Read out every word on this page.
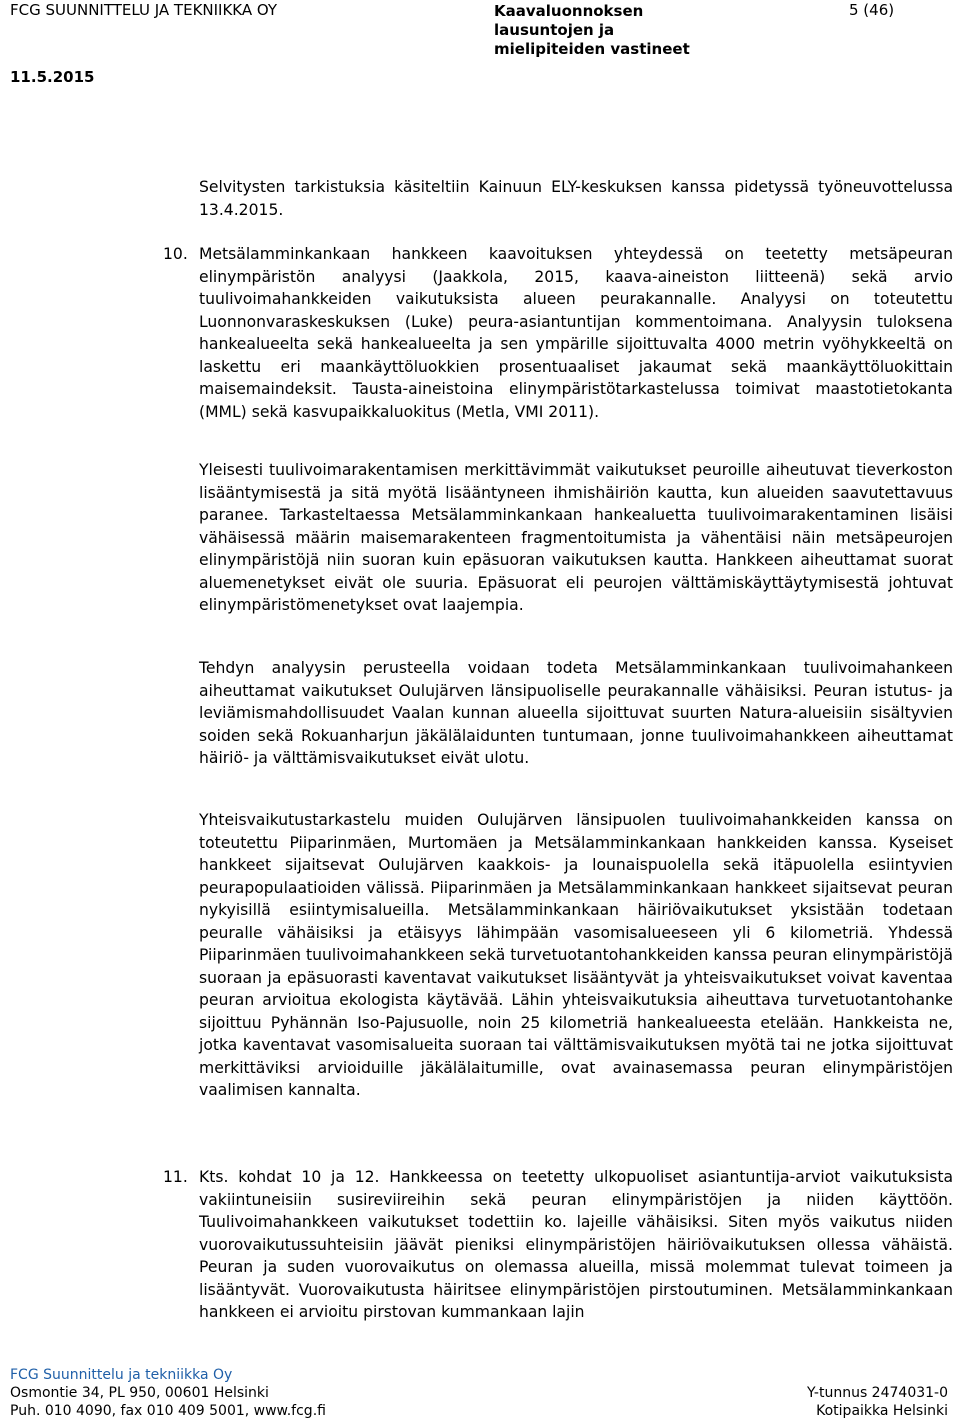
FCG SUUNNITTELU JA TEKNIIKKA OY	Kaavaluonnoksen
lausuntojen ja
mielipiteiden vastineet
5 (46)
11.5.2015
Selvitysten tarkistuksia käsiteltiin Kainuun ELY-keskuksen kanssa pidetyssä työneuvottelussa 13.4.2015.
10. Metsälamminkankaan hankkeen kaavoituksen yhteydessä on teetetty metsäpeuran elinympäristön analyysi (Jaakkola, 2015, kaava-aineiston liitteenä) sekä arvio tuulivoimahankkeiden vaikutuksista alueen peurakannalle. Analyysi on toteutettu Luonnonvaraskeskuksen (Luke) peura-asiantuntijan kommentoimana. Analyysin tuloksena hankealueelta sekä hankealueelta ja sen ympärille sijoittuvalta 4000 metrin vyöhykkeeltä on laskettu eri maankäyttöluokkien prosentuaaliset jakaumat sekä maankäyttöluokittain maisemaindeksit. Tausta-aineistoina elinympäristötarkastelussa toimivat maastotietokanta (MML) sekä kasvupaikkaluokitus (Metla, VMI 2011).
Yleisesti tuulivoimarakentamisen merkittävimmät vaikutukset peuroille aiheutuvat tieverkoston lisääntymisestä ja sitä myötä lisääntyneen ihmishäiriön kautta, kun alueiden saavutettavuus paranee. Tarkasteltaessa Metsälamminkankaan hankealuetta tuulivoimarakentaminen lisäisi vähäisessä määrin maisemarakenteen fragmentoitumista ja vähentäisi näin metsäpeurojen elinympäristöjä niin suoran kuin epäsuoran vaikutuksen kautta. Hankkeen aiheuttamat suorat aluemenetykset eivät ole suuria. Epäsuorat eli peurojen välttämiskäyttäytymisestä johtuvat elinympäristömenetykset ovat laajempia.
Tehdyn analyysin perusteella voidaan todeta Metsälamminkankaan tuulivoimahankeen aiheuttamat vaikutukset Oulujärven länsipuoliselle peurakannalle vähäisiksi. Peuran istutus- ja leviämismahdollisuudet Vaalan kunnan alueella sijoittuvat suurten Natura-alueisiin sisältyvien soiden sekä Rokuanharjun jäkälälaidunten tuntumaan, jonne tuulivoimahankkeen aiheuttamat häiriö- ja välttämisvaikutukset eivät ulotu.
Yhteisvaikutustarkastelu muiden Oulujärven länsipuolen tuulivoimahankkeiden kanssa on toteutettu Piiparinmäen, Murtomäen ja Metsälamminkankaan hankkeiden kanssa. Kyseiset hankkeet sijaitsevat Oulujärven kaakkois- ja lounaispuolella sekä itäpuolella esiintyvien peurapopulaatioiden välissä. Piiparinmäen ja Metsälamminkankaan hankkeet sijaitsevat peuran nykyisillä esiintymisalueilla. Metsälamminkankaan häiriövaikutukset yksistään todetaan peuralle vähäisiksi ja etäisyys lähimpään vasomisalueeseen yli 6 kilometriä. Yhdessä Piiparinmäen tuulivoimahankkeen sekä turvetuotantohankkeiden kanssa peuran elinympäristöjä suoraan ja epäsuorasti kaventavat vaikutukset lisääntyvät ja yhteisvaikutukset voivat kaventaa peuran arvioitua ekologista käytävää. Lähin yhteisvaikutuksia aiheuttava turvetuotantohanke sijoittuu Pyhännän Iso-Pajusuolle, noin 25 kilometriä hankealueesta etelään. Hankkeista ne, jotka kaventavat vasomisalueita suoraan tai välttämisvaikutuksen myötä tai ne jotka sijoittuvat merkittäviksi arvioiduille jäkälälaitumille, ovat avainasemassa peuran elinympäristöjen vaalimisen kannalta.
11. Kts. kohdat 10 ja 12. Hankkeessa on teetetty ulkopuoliset asiantuntija-arviot vaikutuksista vakiintuneisiin susireviireihin sekä peuran elinympäristöjen ja niiden käyttöön. Tuulivoimahankkeen vaikutukset todettiin ko. lajeille vähäisiksi. Siten myös vaikutus niiden vuorovaikutussuhteisiin jäävät pieniksi elinympäristöjen häiriövaikutuksen ollessa vähäistä. Peuran ja suden vuorovaikutus on olemassa alueilla, missä molemmat tulevat toimeen ja lisääntyvät. Vuorovaikutusta häiritsee elinympäristöjen pirstoutuminen. Metsälamminkankaan hankkeen ei arvioitu pirstovan kummankaan lajin
FCG Suunnittelu ja tekniikka Oy
Osmontie 34, PL 950, 00601 Helsinki
Puh. 010 4090, fax 010 409 5001, www.fcg.fi
Y-tunnus 2474031-0
Kotipaikka Helsinki
